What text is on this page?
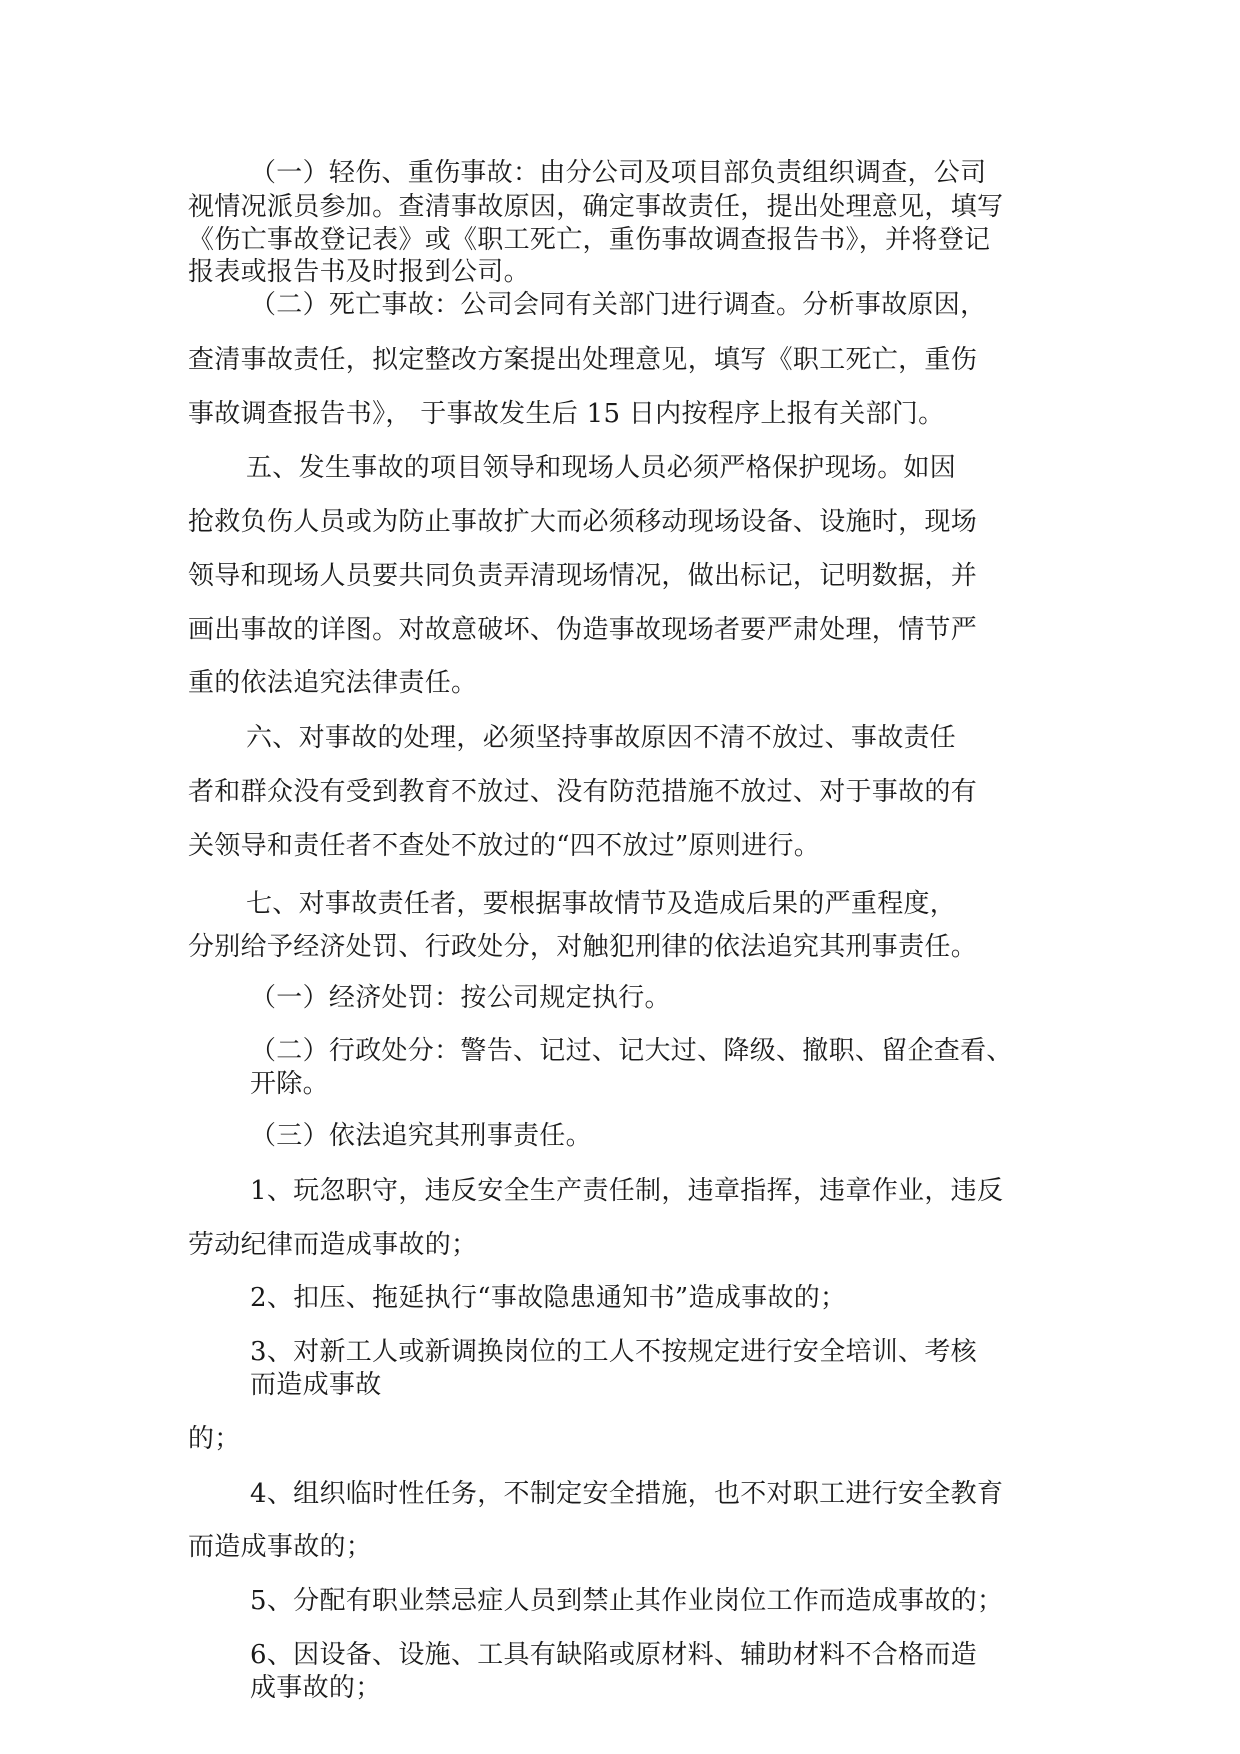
（一）轻伤、重伤事故：由分公司及项目部负责组织调查，公司
视情况派员参加。查清事故原因，确定事故责任，提出处理意见，填写
《伤亡事故登记表》或《职工死亡，重伤事故调查报告书》，并将登记
报表或报告书及时报到公司。
（二）死亡事故：公司会同有关部门进行调查。分析事故原因，
查清事故责任，拟定整改方案提出处理意见，填写《职工死亡，重伤
事故调查报告书》， 于事故发生后 15 日内按程序上报有关部门。
五、发生事故的项目领导和现场人员必须严格保护现场。如因
抢救负伤人员或为防止事故扩大而必须移动现场设备、设施时，现场
领导和现场人员要共同负责弄清现场情况，做出标记，记明数据，并
画出事故的详图。对故意破坏、伪造事故现场者要严肃处理，情节严
重的依法追究法律责任。
六、对事故的处理，必须坚持事故原因不清不放过、事故责任
者和群众没有受到教育不放过、没有防范措施不放过、对于事故的有
关领导和责任者不查处不放过的“四不放过”原则进行。
七、对事故责任者，要根据事故情节及造成后果的严重程度，
分别给予经济处罚、行政处分，对触犯刑律的依法追究其刑事责任。
（一）经济处罚：按公司规定执行。
（二）行政处分：警告、记过、记大过、降级、撤职、留企查看、
开除。
（三）依法追究其刑事责任。
1、玩忽职守，违反安全生产责任制，违章指挥，违章作业，违反
劳动纪律而造成事故的；
2、扣压、拖延执行“事故隐患通知书”造成事故的；
3、对新工人或新调换岗位的工人不按规定进行安全培训、考核
而造成事故
的；
4、组织临时性任务，不制定安全措施，也不对职工进行安全教育
而造成事故的；
5、分配有职业禁忌症人员到禁止其作业岗位工作而造成事故的；
6、因设备、设施、工具有缺陷或原材料、辅助材料不合格而造
成事故的；
